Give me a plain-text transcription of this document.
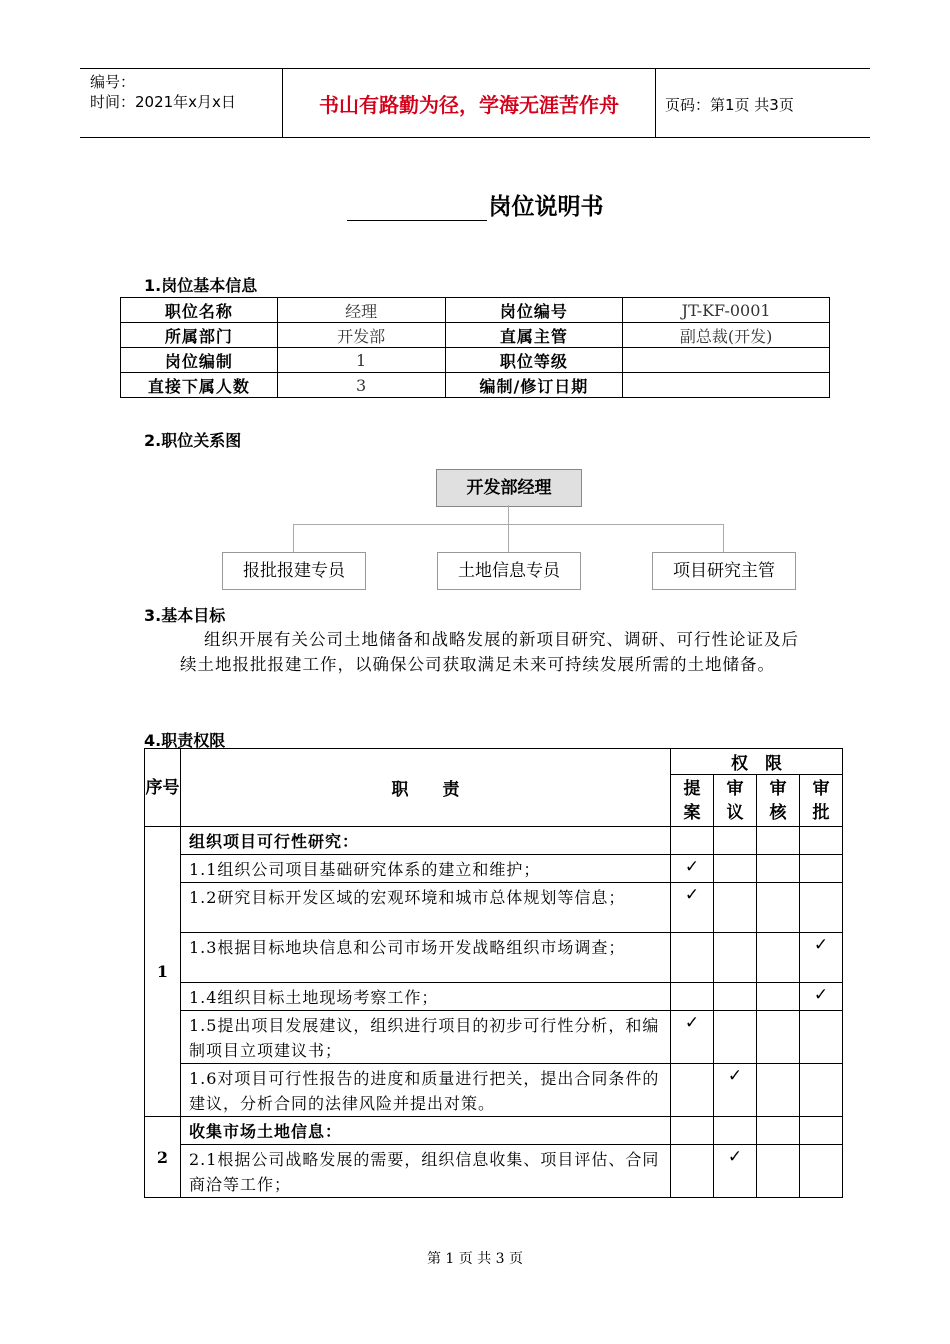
编号：
时间：2021年x月x日	书山有路勤为径，学海无涯苦作舟	页码：第1页 共3页
岗位说明书
1.岗位基本信息
职位名称	经理	岗位编号	JT-KF-0001
所属部门	开发部	直属主管	副总裁(开发)
岗位编制	1	职位等级	
直接下属人数	3	编制/修订日期	
2.职位关系图
开发部经理
报批报建专员	土地信息专员	项目研究主管
3.基本目标
组织开展有关公司土地储备和战略发展的新项目研究、调研、可行性论证及后续土地报批报建工作，以确保公司获取满足未来可持续发展所需的土地储备。
4.职责权限
序号	职　　责	权　限			
		提案	审议	审核	审批
1	组织项目可行性研究：				
	1.1组织公司项目基础研究体系的建立和维护；	✓			
	1.2研究目标开发区域的宏观环境和城市总体规划等信息；	✓			
	1.3根据目标地块信息和公司市场开发战略组织市场调查；				✓
	1.4组织目标土地现场考察工作；				✓
	1.5提出项目发展建议，组织进行项目的初步可行性分析，和编制项目立项建议书；	✓			
	1.6对项目可行性报告的进度和质量进行把关，提出合同条件的建议，分析合同的法律风险并提出对策。		✓		
2	收集市场土地信息：				
	2.1根据公司战略发展的需要，组织信息收集、项目评估、合同商洽等工作；		✓		
第 1 页 共 3 页
